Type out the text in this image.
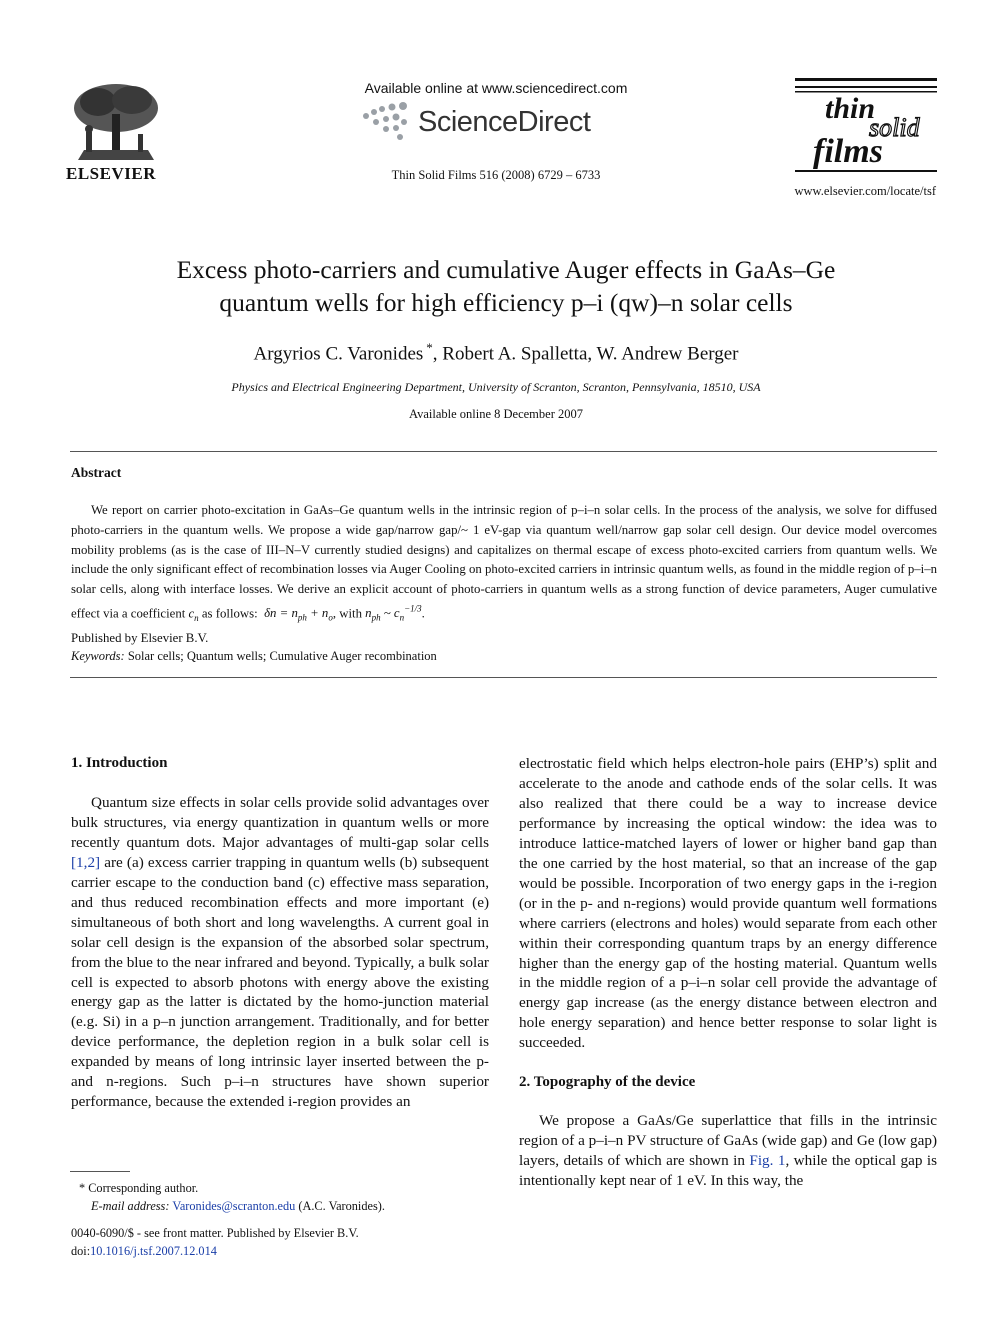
ELSEVIER
Available online at www.sciencedirect.com
ScienceDirect
Thin Solid Films 516 (2008) 6729 – 6733
thin
solid
films
www.elsevier.com/locate/tsf
Excess photo-carriers and cumulative Auger effects in GaAs–Ge
quantum wells for high efficiency p–i (qw)–n solar cells
Argyrios C. Varonides *, Robert A. Spalletta, W. Andrew Berger
Physics and Electrical Engineering Department, University of Scranton, Scranton, Pennsylvania, 18510, USA
Available online 8 December 2007
Abstract

We report on carrier photo-excitation in GaAs–Ge quantum wells in the intrinsic region of p–i–n solar cells. In the process of the analysis, we solve for diffused photo-carriers in the quantum wells. We propose a wide gap/narrow gap/~ 1 eV-gap via quantum well/narrow gap solar cell design. Our device model overcomes mobility problems (as is the case of III–N–V currently studied designs) and capitalizes on thermal escape of excess photo-excited carriers from quantum wells. We include the only significant effect of recombination losses via Auger Cooling on photo-excited carriers in intrinsic quantum wells, as found in the middle region of p–i–n solar cells, along with interface losses. We derive an explicit account of photo-carriers in quantum wells as a strong function of device parameters, Auger cumulative effect via a coefficient $c_n$ as follows: $\delta n = n_{ph} + n_o$, with $n_{ph}$ ~ $c_n^{-1/3}$.

Published by Elsevier B.V.
Keywords: Solar cells; Quantum wells; Cumulative Auger recombination

1. Introduction

Quantum size effects in solar cells provide solid advantages over bulk structures, via energy quantization in quantum wells or more recently quantum dots. Major advantages of multi-gap solar cells [1,2] are (a) excess carrier trapping in quantum wells (b) subsequent carrier escape to the conduction band (c) effective mass separation, and thus reduced recombination effects and more important (e) simultaneous of both short and long wavelengths. A current goal in solar cell design is the expansion of the absorbed solar spectrum, from the blue to the near infrared and beyond. Typically, a bulk solar cell is expected to absorb photons with energy above the existing energy gap as the latter is dictated by the homo-junction material (e.g. Si) in a p–n junction arrangement. Traditionally, and for better device performance, the depletion region in a bulk solar cell is expanded by means of long intrinsic layer inserted between the p- and n-regions. Such p–i–n structures have shown superior performance, because the extended i-region provides an

electrostatic field which helps electron-hole pairs (EHP’s) split and accelerate to the anode and cathode ends of the solar cells. It was also realized that there could be a way to increase device performance by increasing the optical window: the idea was to introduce lattice-matched layers of lower or higher band gap than the one carried by the host material, so that an increase of the gap would be possible. Incorporation of two energy gaps in the i-region (or in the p- and n-regions) would provide quantum well formations where carriers (electrons and holes) would separate from each other within their corresponding quantum traps by an energy difference higher than the energy gap of the hosting material. Quantum wells in the middle region of a p–i–n solar cell provide the advantage of energy gap increase (as the energy distance between electron and hole energy separation) and hence better response to solar light is succeeded.

2. Topography of the device

We propose a GaAs/Ge superlattice that fills in the intrinsic region of a p–i–n PV structure of GaAs (wide gap) and Ge (low gap) layers, details of which are shown in Fig. 1, while the optical gap is intentionally kept near of 1 eV. In this way, the

* Corresponding author.
E-mail address: Varonides@scranton.edu (A.C. Varonides).
0040-6090/$ - see front matter. Published by Elsevier B.V.
doi:10.1016/j.tsf.2007.12.014
